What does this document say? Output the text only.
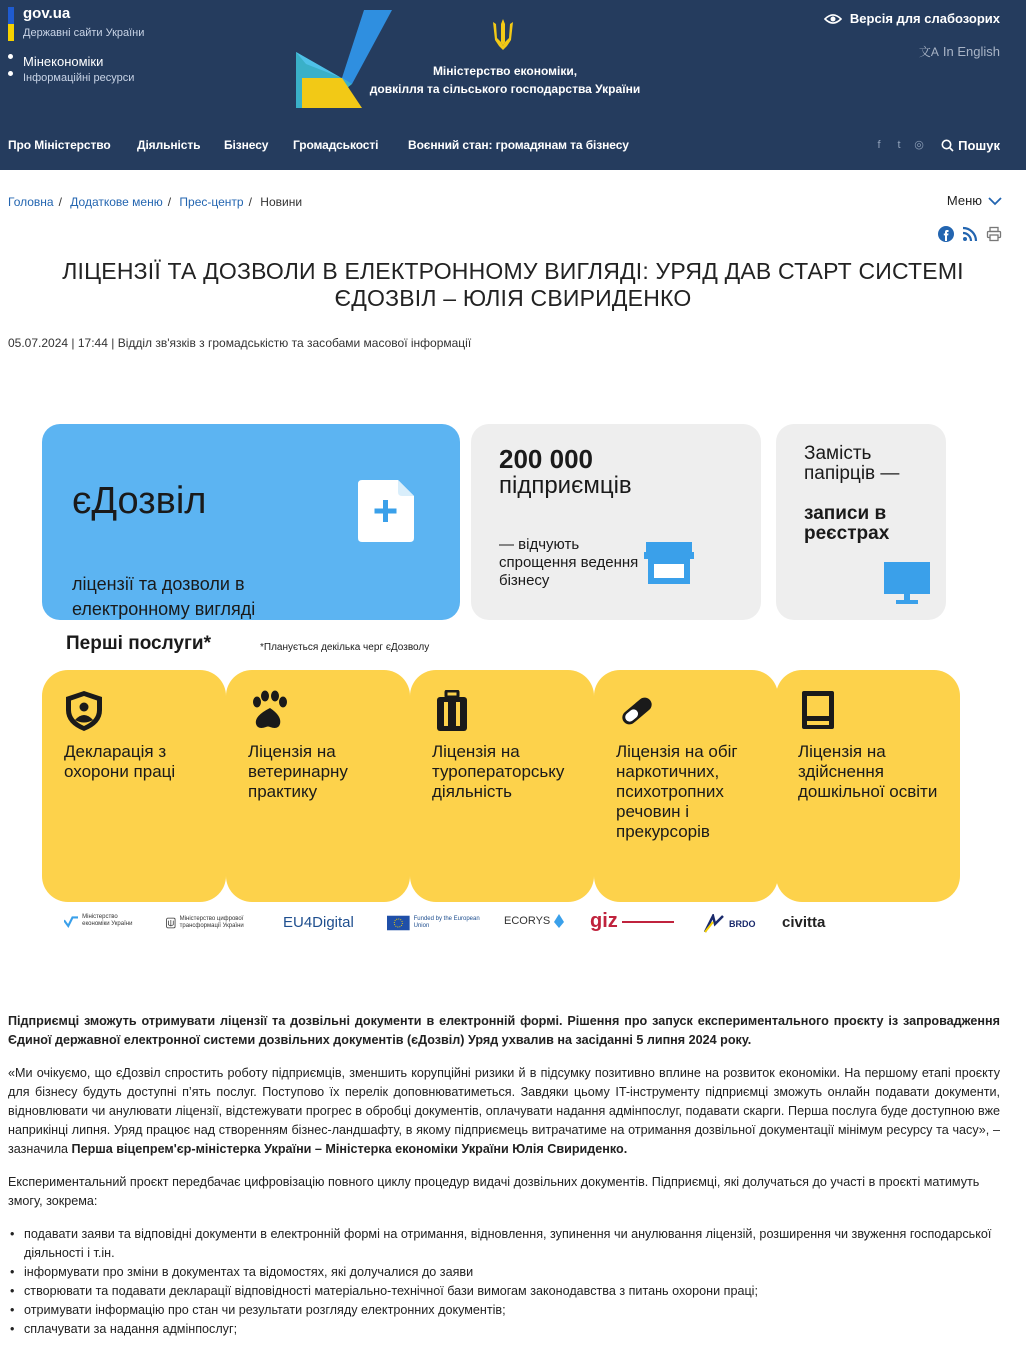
gov.ua
Державні сайти України
Мінекономіки
Інформаційні ресурси	Міністерство економіки,
довкілля та сільського господарства України
Версія для слабозорих
文A In English
Про Міністерство Діяльність Бізнесу Громадськості Воєнний стан: громадянам та бізнесу	f	t	◎	Пошук
Головна / Додаткове меню / Прес-центр / Новини	Меню
ЛІЦЕНЗІЇ ТА ДОЗВОЛИ В ЕЛЕКТРОННОМУ ВИГЛЯДІ: УРЯД ДАВ СТАРТ СИСТЕМІ ЄДОЗВІЛ – ЮЛІЯ СВИРИДЕНКО
05.07.2024 | 17:44 | Відділ зв'язків з громадськістю та засобами масової інформації
єДозвіл
ліцензії та дозволи в електронному вигляді
200 000
підприємців
— відчують спрощення ведення бізнесу
Замість папірців —
записи в реєстрах
Перші послуги*	*Планується декілька черг єДозволу
Декларація з охорони праці
Ліцензія на ветеринарну практику
Ліцензія на туроператорську діяльність
Ліцензія на обіг наркотичних, психотропних речовин і прекурсорів
Ліцензія на здійснення дошкільної освіти
Міністерство економіки України
Міністерство цифрової трансформації України	EU4Digital	Funded by the European Union	ECORYS giz	BRDO civitta

Підприємці зможуть отримувати ліцензії та дозвільні документи в електронній формі. Рішення про запуск експериментального проєкту із запровадження Єдиної державної електронної системи дозвільних документів (єДозвіл) Уряд ухвалив на засіданні 5 липня 2024 року.

«Ми очікуємо, що єДозвіл спростить роботу підприємців, зменшить корупційні ризики й в підсумку позитивно вплине на розвиток економіки. На першому етапі проєкту для бізнесу будуть доступні п’ять послуг. Поступово їх перелік доповнюватиметься. Завдяки цьому IT-інструменту підприємці зможуть онлайн подавати документи, відновлювати чи анулювати ліцензії, відстежувати прогрес в обробці документів, оплачувати надання адмінпослуг, подавати скарги. Перша послуга буде доступною вже наприкінці липня. Уряд працює над створенням бізнес-ландшафту, в якому підприємець витрачатиме на отримання дозвільної документації мінімум ресурсу та часу», – зазначила Перша віцепрем'єр-міністерка України – Міністерка економіки України Юлія Свириденко.

Експериментальний проєкт передбачає цифровізацію повного циклу процедур видачі дозвільних документів. Підприємці, які долучаться до участі в проєкті матимуть змогу, зокрема:

• подавати заяви та відповідні документи в електронній формі на отримання, відновлення, зупинення чи анулювання ліцензій, розширення чи звуження господарської діяльності і т.ін.
• інформувати про зміни в документах та відомостях, які долучалися до заяви
• створювати та подавати декларації відповідності матеріально-технічної бази вимогам законодавства з питань охорони праці;
• отримувати інформацію про стан чи результати розгляду електронних документів;
• сплачувати за надання адмінпослуг;
